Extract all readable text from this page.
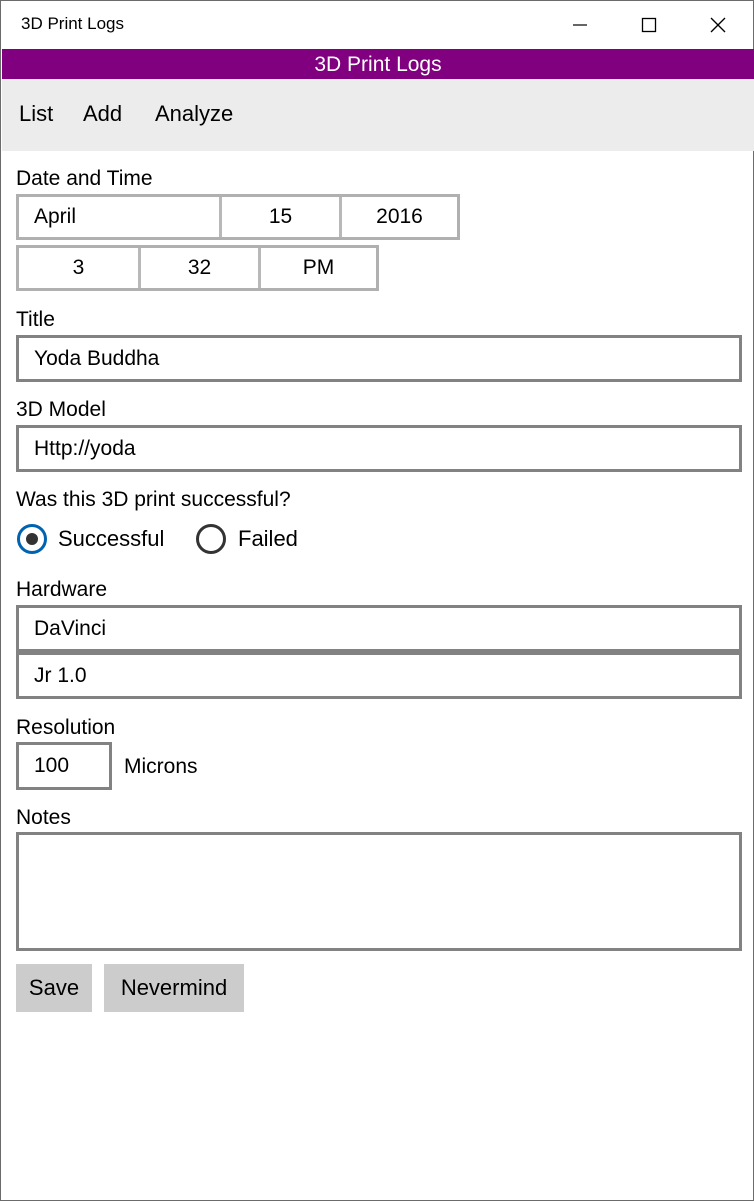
3D Print Logs
3D Print Logs
List Add Analyze
Date and Time
April	15	2016
3	32	PM
Title
Yoda Buddha
3D Model
Http://yoda
Was this 3D print successful?
Successful	Failed
Hardware
DaVinci
Jr 1.0
Resolution
100	Microns
Notes
Save	Nevermind
